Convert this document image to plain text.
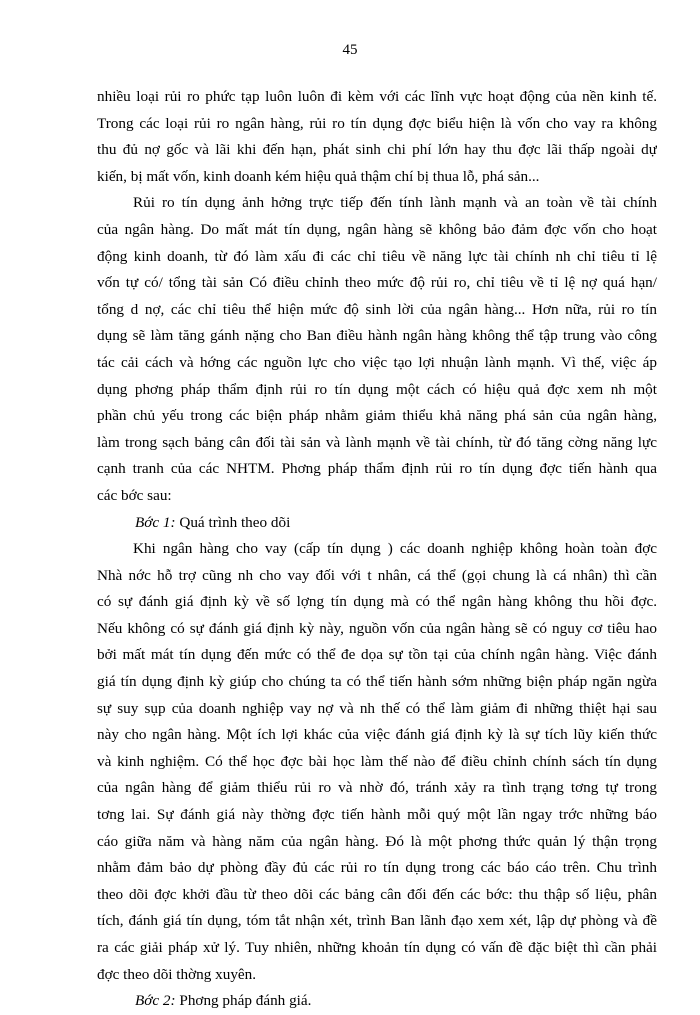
45
nhiều loại rủi ro phức tạp luôn luôn đi kèm với các lĩnh vực hoạt động của nền kinh tế.
Trong các loại rủi ro ngân hàng, rủi ro tín dụng đợc biểu hiện là vốn cho vay ra không
thu đủ nợ gốc và lãi khi đến hạn, phát sinh chi phí lớn hay thu đợc lãi thấp ngoài dự
kiến, bị mất vốn, kinh doanh kém hiệu quả thậm chí bị thua lỗ, phá sản...
Rủi ro tín dụng ảnh hởng trực tiếp đến tính lành mạnh và an toàn về tài chính
của ngân hàng. Do mất mát tín dụng, ngân hàng sẽ không bảo đảm đợc vốn cho hoạt
động kinh doanh, từ đó làm xấu đi các chỉ tiêu về năng lực tài chính nh chỉ tiêu tỉ lệ
vốn tự có/ tổng tài sản Có điều chỉnh theo mức độ rủi ro, chỉ tiêu về tỉ lệ nợ quá hạn/
tổng d nợ, các chỉ tiêu thể hiện mức độ sinh lời của ngân hàng... Hơn nữa, rủi ro tín
dụng sẽ làm tăng gánh nặng cho Ban điều hành ngân hàng không thể tập trung vào công
tác cải cách và hớng các nguồn lực cho việc tạo lợi nhuận lành mạnh. Vì thế, việc áp
dụng phơng pháp thẩm định rủi ro tín dụng một cách có hiệu quả đợc xem nh một
phần chủ yếu trong các biện pháp nhằm giảm thiểu khả năng phá sản của ngân hàng,
làm trong sạch bảng cân đối tài sản và lành mạnh về tài chính, từ đó tăng cờng năng lực
cạnh tranh của các NHTM. Phơng pháp thẩm định rủi ro tín dụng đợc tiến hành qua
các bớc sau:
Bớc 1: Quá trình theo dõi
Khi ngân hàng cho vay (cấp tín dụng ) các doanh nghiệp không hoàn toàn đợc
Nhà nớc hỗ trợ cũng nh cho vay đối với t nhân, cá thể (gọi chung là cá nhân) thì cần
có sự đánh giá định kỳ về số lợng tín dụng mà có thể ngân hàng không thu hồi đợc.
Nếu không có sự đánh giá định kỳ này, nguồn vốn của ngân hàng sẽ có nguy cơ tiêu hao
bởi mất mát tín dụng đến mức có thể đe dọa sự tồn tại của chính ngân hàng. Việc đánh
giá tín dụng định kỳ giúp cho chúng ta có thể tiến hành sớm những biện pháp ngăn ngừa
sự suy sụp của doanh nghiệp vay nợ và nh thế có thể làm giảm đi những thiệt hại sau
này cho ngân hàng. Một ích lợi khác của việc đánh giá định kỳ là sự tích lũy kiến thức
và kinh nghiệm. Có thể học đợc bài học làm thế nào để điều chỉnh chính sách tín dụng
của ngân hàng để giảm thiểu rủi ro và nhờ đó, tránh xảy ra tình trạng tơng tự trong
tơng lai. Sự đánh giá này thờng đợc tiến hành mỗi quý một lần ngay trớc những báo
cáo giữa năm và hàng năm của ngân hàng. Đó là một phơng thức quản lý thận trọng
nhằm đảm bảo dự phòng đầy đủ các rủi ro tín dụng trong các báo cáo trên. Chu trình
theo dõi đợc khởi đầu từ theo dõi các bảng cân đối đến các bớc: thu thập số liệu, phân
tích, đánh giá tín dụng, tóm tắt nhận xét, trình Ban lãnh đạo xem xét, lập dự phòng và đề
ra các giải pháp xử lý. Tuy nhiên, những khoản tín dụng có vấn đề đặc biệt thì cần phải
đợc theo dõi thờng xuyên.
Bớc 2: Phơng pháp đánh giá.
